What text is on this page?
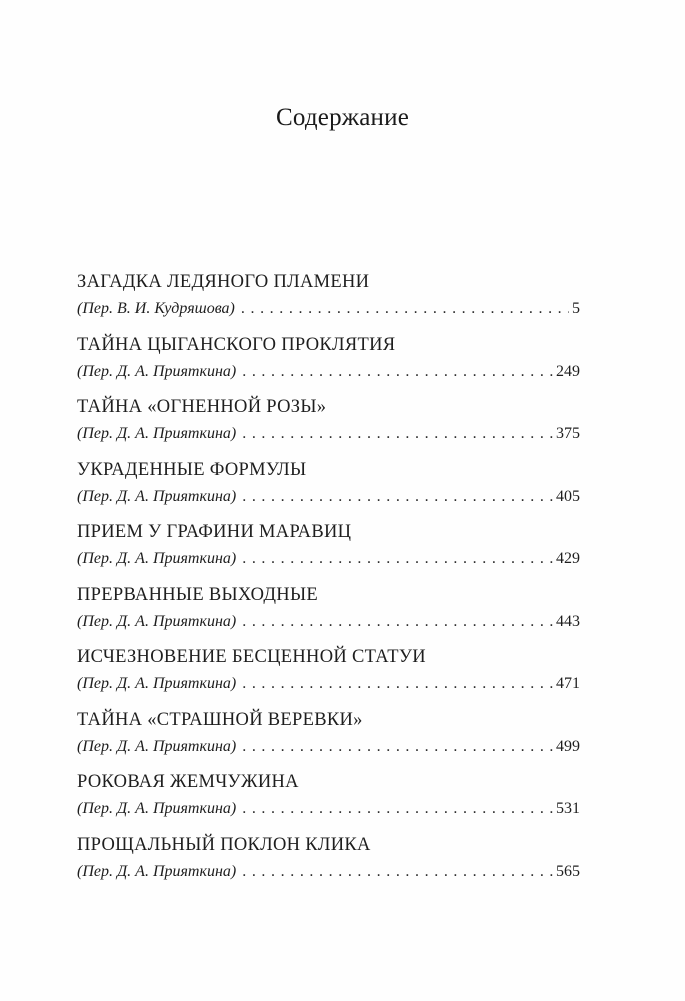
Содержание
ЗАГАДКА ЛЕДЯНОГО ПЛАМЕНИ
(Пер. В. И. Кудряшова) . . .	5
ТАЙНА ЦЫГАНСКОГО ПРОКЛЯТИЯ
(Пер. Д. А. Прияткина) . . .	249
ТАЙНА «ОГНЕННОЙ РОЗЫ»
(Пер. Д. А. Прияткина) . . .	375
УКРАДЕННЫЕ ФОРМУЛЫ
(Пер. Д. А. Прияткина) . . .	405
ПРИЕМ У ГРАФИНИ МАРАВИЦ
(Пер. Д. А. Прияткина) . . .	429
ПРЕРВАННЫЕ ВЫХОДНЫЕ
(Пер. Д. А. Прияткина) . . .	443
ИСЧЕЗНОВЕНИЕ БЕСЦЕННОЙ СТАТУИ
(Пер. Д. А. Прияткина) . . .	471
ТАЙНА «СТРАШНОЙ ВЕРЕВКИ»
(Пер. Д. А. Прияткина) . . .	499
РОКОВАЯ ЖЕМЧУЖИНА
(Пер. Д. А. Прияткина) . . .	531
ПРОЩАЛЬНЫЙ ПОКЛОН КЛИКА
(Пер. Д. А. Прияткина) . . .	565
